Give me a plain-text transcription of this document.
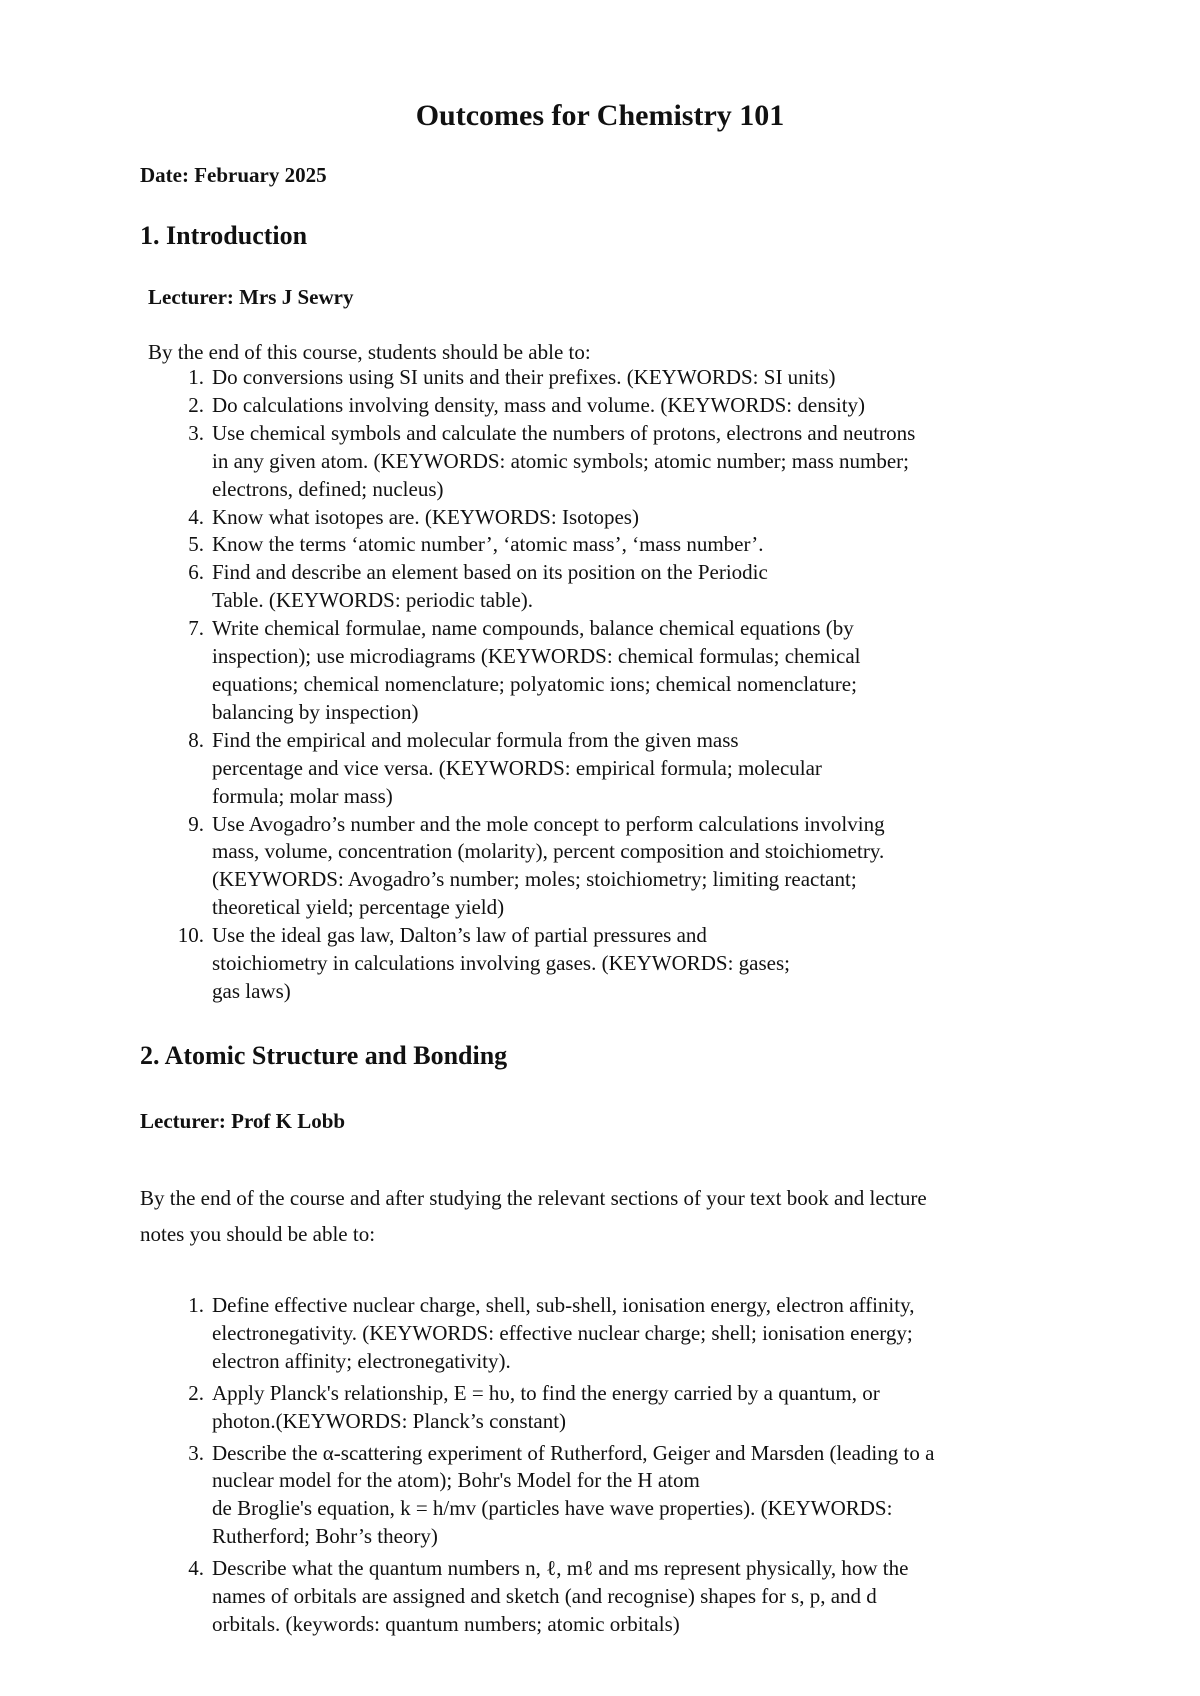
Outcomes for Chemistry 101
Date: February 2025
1. Introduction
Lecturer: Mrs J Sewry
By the end of this course, students should be able to:
1. Do conversions using SI units and their prefixes. (KEYWORDS: SI units)
2. Do calculations involving density, mass and volume. (KEYWORDS: density)
3. Use chemical symbols and calculate the numbers of protons, electrons and neutrons
in any given atom. (KEYWORDS: atomic symbols; atomic number; mass number;
electrons, defined; nucleus)
4. Know what isotopes are. (KEYWORDS: Isotopes)
5. Know the terms ‘atomic number’, ‘atomic mass’, ‘mass number’.
6. Find and describe an element based on its position on the Periodic
Table. (KEYWORDS: periodic table).
7. Write chemical formulae, name compounds, balance chemical equations (by
inspection); use microdiagrams (KEYWORDS: chemical formulas; chemical
equations; chemical nomenclature; polyatomic ions; chemical nomenclature;
balancing by inspection)
8. Find the empirical and molecular formula from the given mass
percentage and vice versa. (KEYWORDS: empirical formula; molecular
formula; molar mass)
9. Use Avogadro’s number and the mole concept to perform calculations involving
mass, volume, concentration (molarity), percent composition and stoichiometry.
(KEYWORDS: Avogadro’s number; moles; stoichiometry; limiting reactant;
theoretical yield; percentage yield)
10. Use the ideal gas law, Dalton’s law of partial pressures and
stoichiometry in calculations involving gases. (KEYWORDS: gases;
gas laws)
2. Atomic Structure and Bonding
Lecturer: Prof K Lobb
By the end of the course and after studying the relevant sections of your text book and lecture
notes you should be able to:
1. Define effective nuclear charge, shell, sub-shell, ionisation energy, electron affinity,
electronegativity. (KEYWORDS: effective nuclear charge; shell; ionisation energy;
electron affinity; electronegativity).
2. Apply Planck's relationship, E = hυ, to find the energy carried by a quantum, or
photon.(KEYWORDS: Planck’s constant)
3. Describe the α-scattering experiment of Rutherford, Geiger and Marsden (leading to a
nuclear model for the atom); Bohr's Model for the H atom
de Broglie's equation, k = h/mv (particles have wave properties). (KEYWORDS:
Rutherford; Bohr’s theory)
4. Describe what the quantum numbers n, ℓ, mℓ and ms represent physically, how the
names of orbitals are assigned and sketch (and recognise) shapes for s, p, and d
orbitals. (keywords: quantum numbers; atomic orbitals)
